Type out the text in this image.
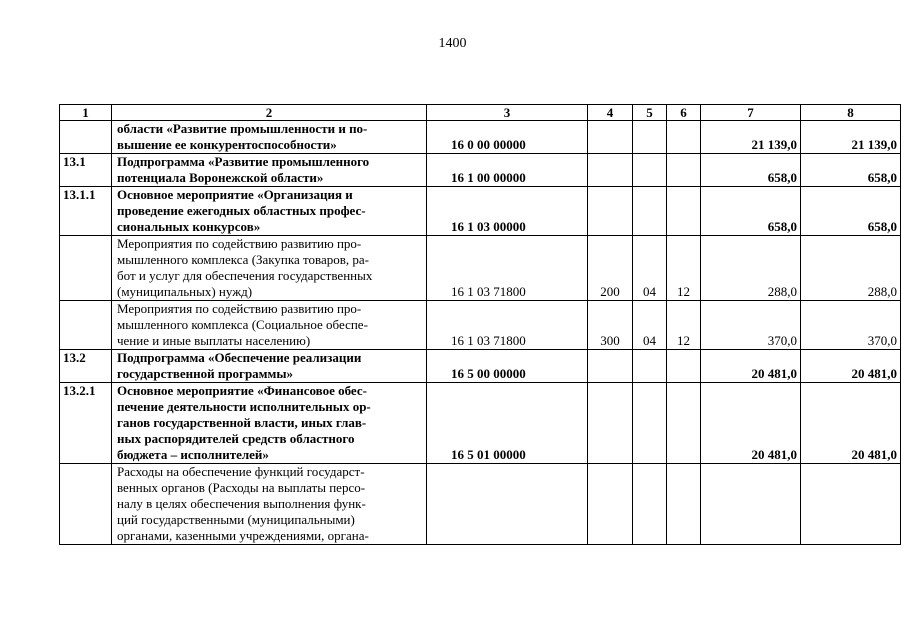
1400
1	2	3	4	5	6	7	8

	области «Развитие промышленности и по-
вышение ее конкурентоспособности»	16 0 00 00000				21 139,0	21 139,0
13.1	Подпрограмма «Развитие промышленного
потенциала Воронежской области»	16 1 00 00000				658,0	658,0
13.1.1	Основное мероприятие «Организация и
проведение ежегодных областных профес-
сиональных конкурсов»	16 1 03 00000				658,0	658,0

	Мероприятия по содействию развитию про-
мышленного комплекса (Закупка товаров, ра-
бот и услуг для обеспечения государственных
(муниципальных) нужд)	16 1 03 71800	200	04	12	288,0	288,0

	Мероприятия по содействию развитию про-
мышленного комплекса (Социальное обеспе-
чение и иные выплаты населению)	16 1 03 71800	300	04	12	370,0	370,0
13.2	Подпрограмма «Обеспечение реализации
государственной программы»	16 5 00 00000				20 481,0	20 481,0
13.2.1	Основное мероприятие «Финансовое обес-
печение деятельности исполнительных ор-
ганов государственной власти, иных глав-
ных распорядителей средств областного
бюджета – исполнителей»	16 5 01 00000				20 481,0	20 481,0

	Расходы на обеспечение функций государст-
венных органов (Расходы на выплаты персо-
налу в целях обеспечения выполнения функ-
ций государственными (муниципальными)
органами, казенными учреждениями, органа-						
